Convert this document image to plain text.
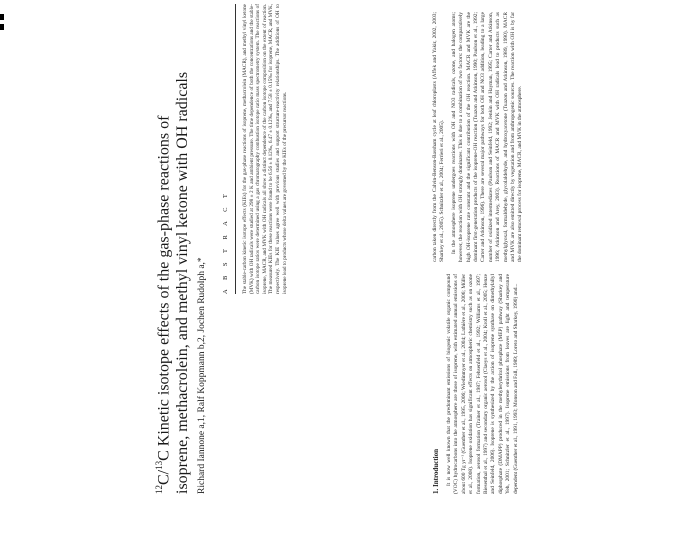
$^{12}$C/$^{13}$C Kinetic isotope effects of the gas-phase reactions of isoprene, methacrolein, and methyl vinyl ketone with OH radicals Richard Iannone a,1, Ralf Koppmann b,2, Jochen Rudolph a,*
A B S T R A C T	The stable-carbon kinetic isotope effects (KIEs) for the gas-phase reactions of isoprene, methacrolein (MACR), and methyl vinyl ketone (MVK) with OH radicals were studied at 298 ± 2 K and ambient pressure. The time dependence of both the concentrations and the stable-carbon isotope ratios were determined using a gas chromatography combustion isotope ratio mass spectrometry system. The reactions of isoprene, MACR, and MVK with OH radicals all show a distinct dependence of the carbon isotope composition on the extent of reaction. The measured KIEs for these reactions were found to be 6.56 ± 0.12‰, 6.47 ± 0.12‰, and 7.58 ± 0.15‰ for isoprene, MACR, and MVK, respectively. The KIE values agree well with previous studies and support structure-reactivity relationships. The additions of OH to isoprene lead to products whose delta values are governed by the KIEs of the precursor reactions.
1. Introduction It is now well known that the predominant emissions of biogenic volatile organic compound (VOC) hydrocarbons into the atmosphere are those of isoprene, with estimated annual emissions of about 600 Tg yr⁻¹ (Guenther et al., 1995, 2006; Wiedinmyer et al., 2004; Lathière et al., 2006; Müller et al., 2008). Isoprene oxidation has significant effects on atmospheric chemistry such as on ozone formation, aerosol formation (Trainer et al., 1987; Fehsenfeld et al., 1992; Williams et al., 1997; Biesenthal et al., 1997) and secondary organic aerosol (Claeys et al., 2004; Kroll et al., 2005; Henze and Seinfeld, 2006). Isoprene is synthesized by the action of isoprene synthase on dimethylallyl diphosphate (DMAPP) produced in the methylerythritol phosphate (MEP) pathway (Sharkey and Yeh, 2001; Schnitzler et al., 1997). Isoprene emissions from leaves are light and temperature dependent (Guenther et al., 1991, 1993; Monson and Fall, 1989; Loreto and Sharkey, 1990) and...

carbon taken directly from the Calvin-Benson-Bassham cycle at leaf chloroplasts (Affek and Yakir, 2002, 2003; Sharkey et al., 2005). Schnitzler et al., 2004; Ferrieri et al., 2005). In the atmosphere isoprene undergoes reactions with OH and NO3 radicals, ozone, and halogen atoms; however, the reaction with OH strongly dominates. This is due to a combination of two factors: the comparatively high OH-isoprene rate constant and the significant contribution of the OH reaction. MACR and MVK are the dominant first-generation products of the isoprene-OH reaction (Tuazon and Atkinson, 1990; Paulson et al., 1992; Carter and Atkinson, 1996). There are several major pathways for both OH and NO3 addition, leading to a large number of oxidized intermediates (Paulson and Seinfeld, 1992; Jenkin and Hayman, 1995; Carter and Atkinson, 1996; Atkinson and Arey, 2003). Reactions of MACR and MVK with OH radicals lead to products such as methylglyoxal, formaldehyde, glycolaldehyde, and hydroxyacetone (Tuazon and Atkinson, 1989, 1990). MACR and MVK are also emitted directly by vegetation and from anthropogenic sources. The reaction with OH is by far the dominant removal process for isoprene, MACR, and MVK in the atmosphere.
